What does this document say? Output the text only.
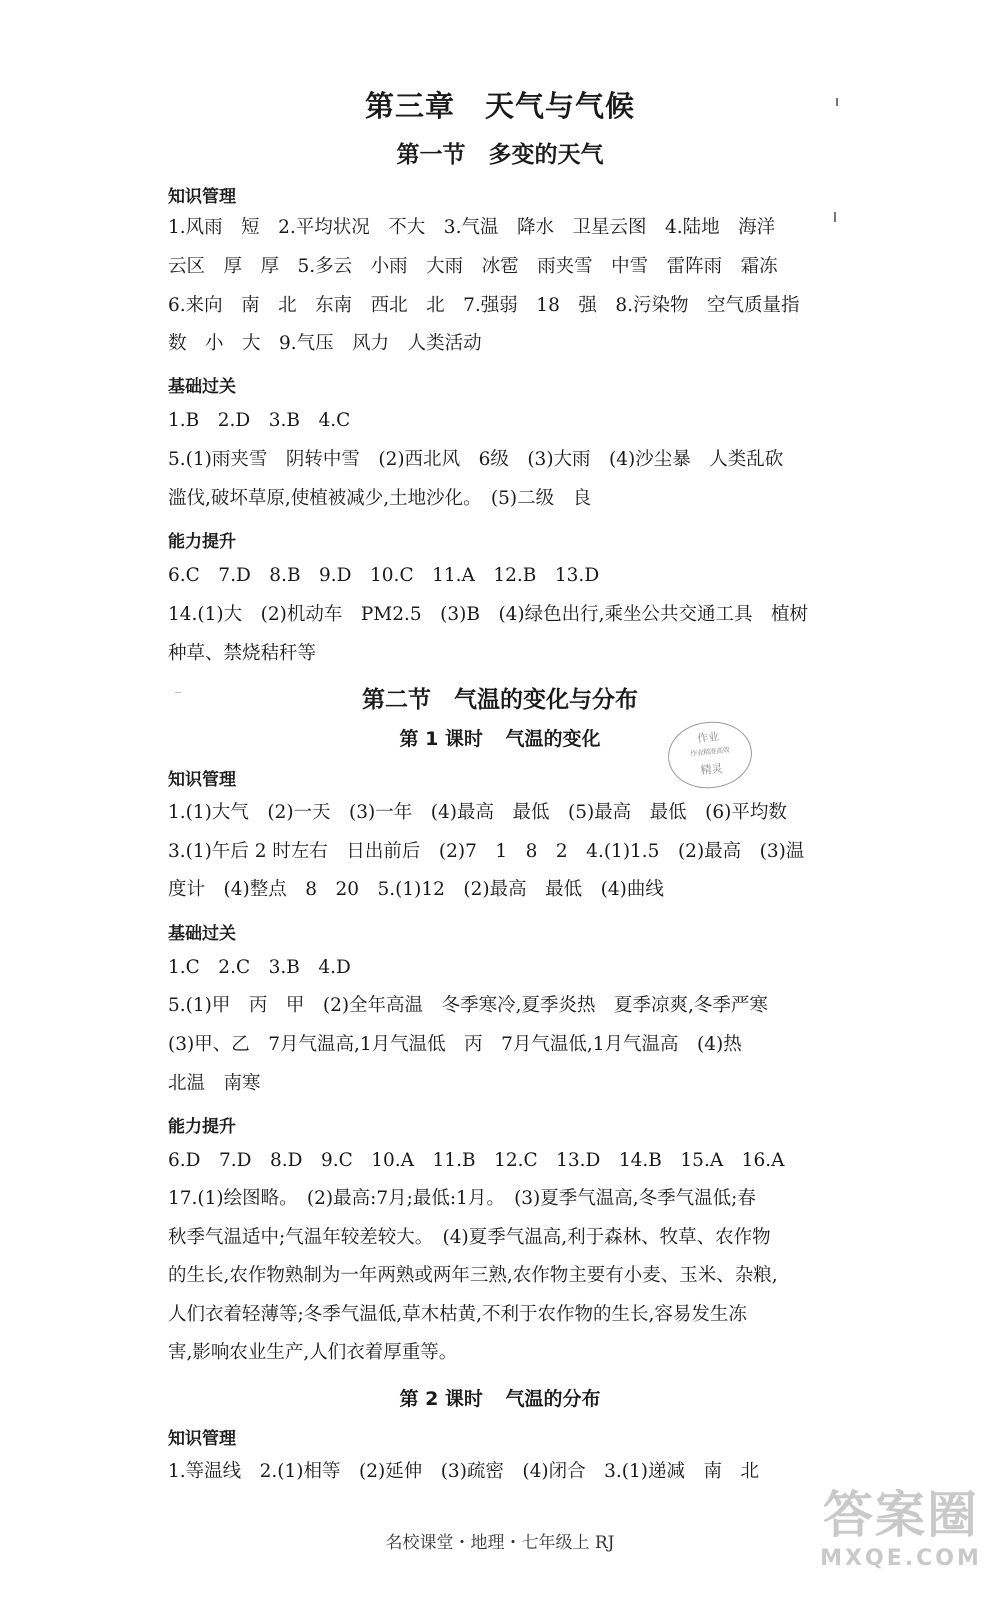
第三章　天气与气候
第一节　多变的天气
知识管理
1.风雨　短　2.平均状况　不大　3.气温　降水　卫星云图　4.陆地　海洋
云区　厚　厚　5.多云　小雨　大雨　冰雹　雨夹雪　中雪　雷阵雨　霜冻
6.来向　南　北　东南　西北　北　7.强弱　18　强　8.污染物　空气质量指
数　小　大　9.气压　风力　人类活动
基础过关
1.B　2.D　3.B　4.C
5.(1)雨夹雪　阴转中雪　(2)西北风　6级　(3)大雨　(4)沙尘暴　人类乱砍
滥伐,破坏草原,使植被减少,土地沙化。　(5)二级　良
能力提升
6.C　7.D　8.B　9.D　10.C　11.A　12.B　13.D
14.(1)大　(2)机动车　PM2.5　(3)B　(4)绿色出行,乘坐公共交通工具　植树
种草、禁烧秸秆等
第二节　气温的变化与分布
第 1 课时 气温的变化
知识管理
1.(1)大气　(2)一天　(3)一年　(4)最高　最低　(5)最高　最低　(6)平均数
3.(1)午后 2 时左右　日出前后　(2)7　1　8　2　4.(1)1.5　(2)最高　(3)温
度计　(4)整点　8　20　5.(1)12　(2)最高　最低　(4)曲线
基础过关
1.C　2.C　3.B　4.D
5.(1)甲　丙　甲　(2)全年高温　冬季寒冷,夏季炎热　夏季凉爽,冬季严寒
(3)甲、乙　7月气温高,1月气温低　丙　7月气温低,1月气温高　(4)热
北温　南寒
能力提升
6.D　7.D　8.D　9.C　10.A　11.B　12.C　13.D　14.B　15.A　16.A
17.(1)绘图略。　(2)最高:7月;最低:1月。　(3)夏季气温高,冬季气温低;春
秋季气温适中;气温年较差较大。　(4)夏季气温高,利于森林、牧草、农作物
的生长,农作物熟制为一年两熟或两年三熟,农作物主要有小麦、玉米、杂粮,
人们衣着轻薄等;冬季气温低,草木枯黄,不利于农作物的生长,容易发生冻
害,影响农业生产,人们衣着厚重等。
第 2 课时 气温的分布
知识管理
1.等温线　2.(1)相等　(2)延伸　(3)疏密　(4)闭合　3.(1)递减　南　北
名校课堂・地理・七年级上 RJ
作业
作业精准高效
精灵
答案圈
MXQE.COM
